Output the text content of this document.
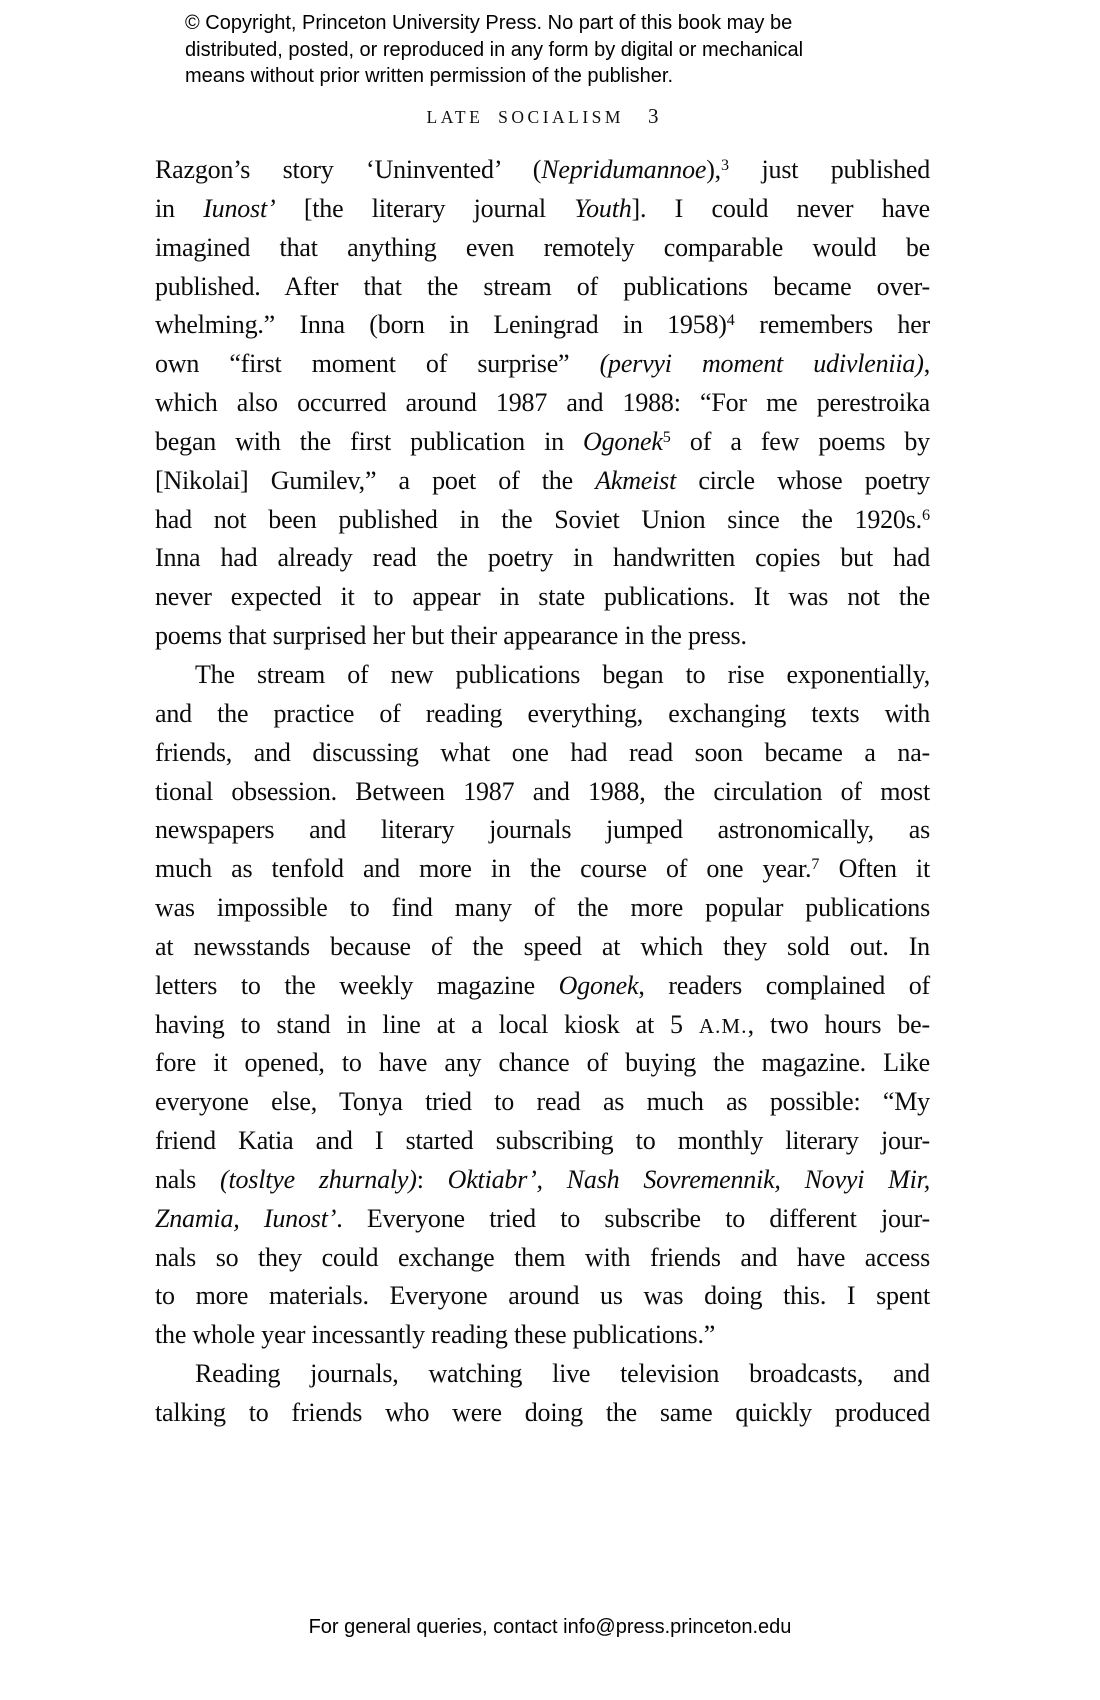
© Copyright, Princeton University Press. No part of this book may be
distributed, posted, or reproduced in any form by digital or mechanical
means without prior written permission of the publisher.
LATE SOCIALISM 3
Razgon’s story ‘Uninvented’ (Nepridumannoe),$^3$ just published
in Iunost’ [the literary journal Youth]. I could never have
imagined that anything even remotely comparable would be
published. After that the stream of publications became over-
whelming.” Inna (born in Leningrad in 1958)$^4$ remembers her
own “first moment of surprise” (pervyi moment udivleniia),
which also occurred around 1987 and 1988: “For me perestroika
began with the first publication in Ogonek$^5$ of a few poems by
[Nikolai] Gumilev,” a poet of the Akmeist circle whose poetry
had not been published in the Soviet Union since the 1920s.$^6$
Inna had already read the poetry in handwritten copies but had
never expected it to appear in state publications. It was not the
poems that surprised her but their appearance in the press.
The stream of new publications began to rise exponentially,
and the practice of reading everything, exchanging texts with
friends, and discussing what one had read soon became a na-
tional obsession. Between 1987 and 1988, the circulation of most
newspapers and literary journals jumped astronomically, as
much as tenfold and more in the course of one year.$^7$ Often it
was impossible to find many of the more popular publications
at newsstands because of the speed at which they sold out. In
letters to the weekly magazine Ogonek, readers complained of
having to stand in line at a local kiosk at 5 A.M., two hours be-
fore it opened, to have any chance of buying the magazine. Like
everyone else, Tonya tried to read as much as possible: “My
friend Katia and I started subscribing to monthly literary jour-
nals (tosltye zhurnaly): Oktiabr’, Nash Sovremennik, Novyi Mir,
Znamia, Iunost’. Everyone tried to subscribe to different jour-
nals so they could exchange them with friends and have access
to more materials. Everyone around us was doing this. I spent
the whole year incessantly reading these publications.”
Reading journals, watching live television broadcasts, and
talking to friends who were doing the same quickly produced
For general queries, contact info@press.princeton.edu
